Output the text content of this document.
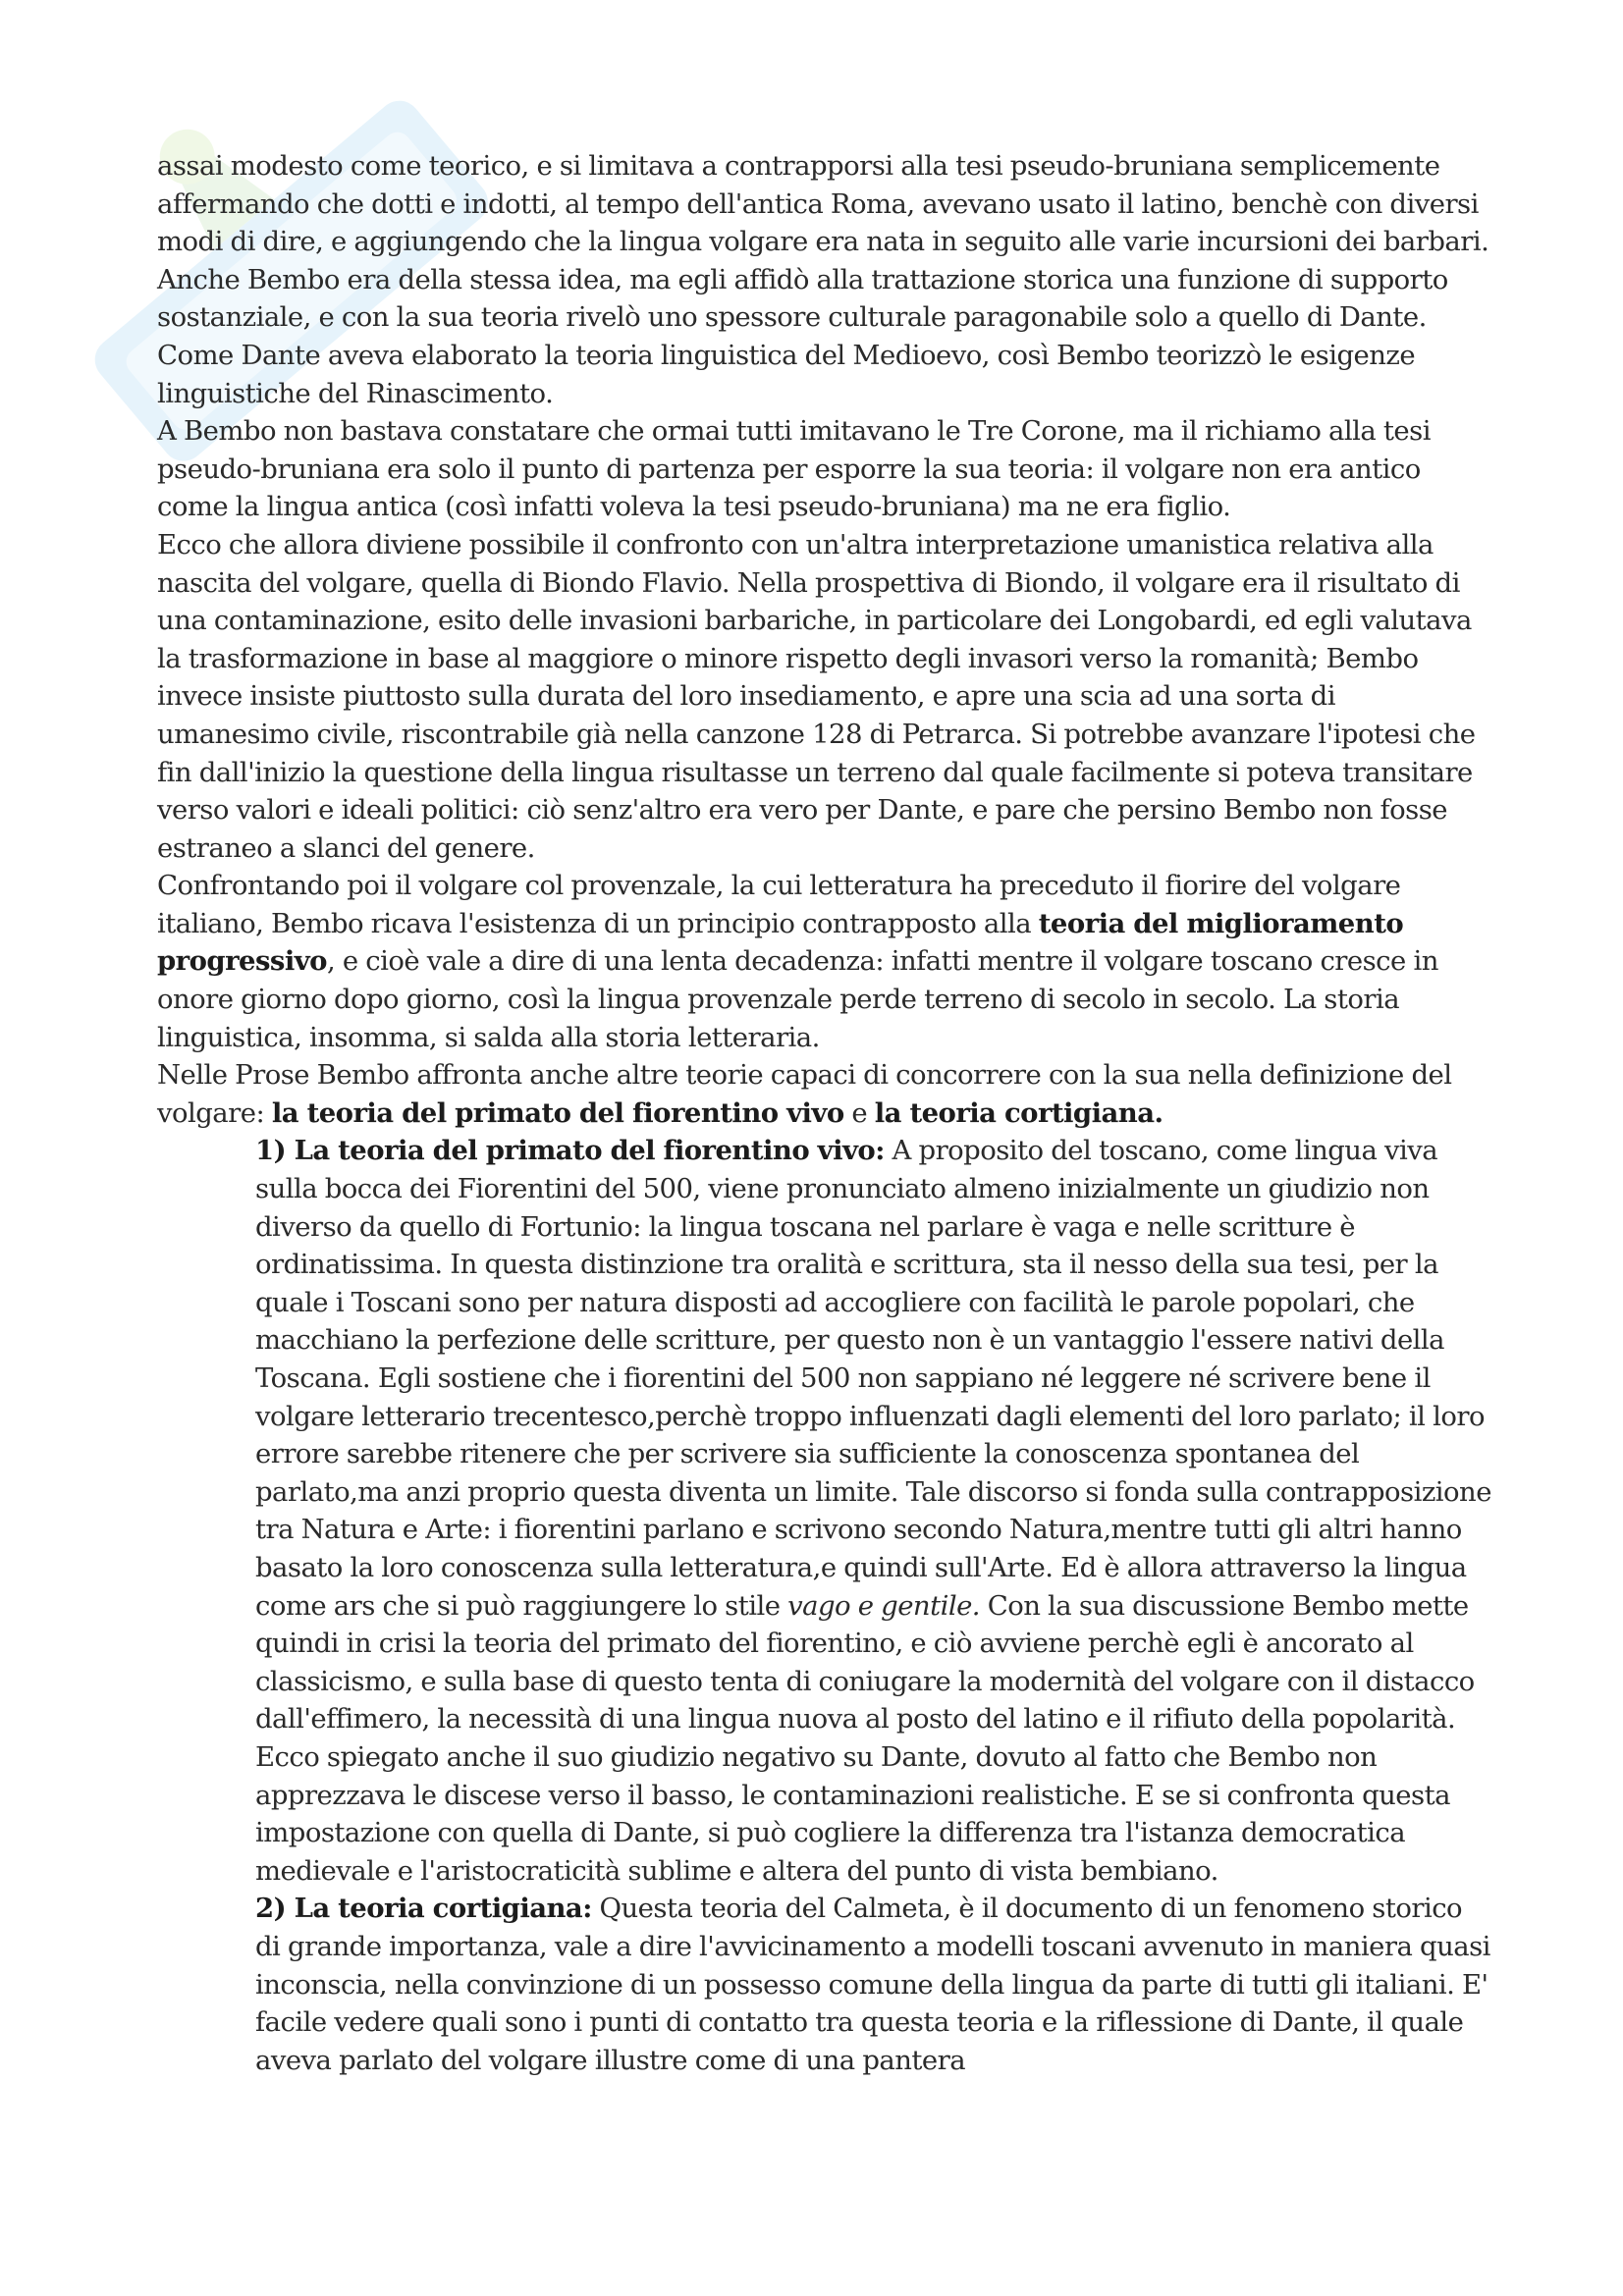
assai modesto come teorico, e si limitava a contrapporsi alla tesi pseudo-bruniana semplicemente affermando che dotti e indotti, al tempo dell'antica Roma, avevano usato il latino, benchè con diversi modi di dire, e aggiungendo che la lingua volgare era nata in seguito alle varie incursioni dei barbari. Anche Bembo era della stessa idea, ma egli affidò alla trattazione storica una funzione di supporto sostanziale, e con la sua teoria rivelò uno spessore culturale paragonabile solo a quello di Dante. Come Dante aveva elaborato la teoria linguistica del Medioevo, così Bembo teorizzò le esigenze linguistiche del Rinascimento.

A Bembo non bastava constatare che ormai tutti imitavano le Tre Corone, ma il richiamo alla tesi pseudo-bruniana era solo il punto di partenza per esporre la sua teoria: il volgare non era antico come la lingua antica (così infatti voleva la tesi pseudo-bruniana) ma ne era figlio.

Ecco che allora diviene possibile il confronto con un'altra interpretazione umanistica relativa alla nascita del volgare, quella di Biondo Flavio. Nella prospettiva di Biondo, il volgare era il risultato di una contaminazione, esito delle invasioni barbariche, in particolare dei Longobardi, ed egli valutava la trasformazione in base al maggiore o minore rispetto degli invasori verso la romanità; Bembo invece insiste piuttosto sulla durata del loro insediamento, e apre una scia ad una sorta di umanesimo civile, riscontrabile già nella canzone 128 di Petrarca. Si potrebbe avanzare l'ipotesi che fin dall'inizio la questione della lingua risultasse un terreno dal quale facilmente si poteva transitare verso valori e ideali politici: ciò senz'altro era vero per Dante, e pare che persino Bembo non fosse estraneo a slanci del genere.

Confrontando poi il volgare col provenzale, la cui letteratura ha preceduto il fiorire del volgare italiano, Bembo ricava l'esistenza di un principio contrapposto alla teoria del miglioramento progressivo, e cioè vale a dire di una lenta decadenza: infatti mentre il volgare toscano cresce in onore giorno dopo giorno, così la lingua provenzale perde terreno di secolo in secolo. La storia linguistica, insomma, si salda alla storia letteraria.

Nelle Prose Bembo affronta anche altre teorie capaci di concorrere con la sua nella definizione del volgare: la teoria del primato del fiorentino vivo e la teoria cortigiana.

1) La teoria del primato del fiorentino vivo: A proposito del toscano, come lingua viva sulla bocca dei Fiorentini del 500, viene pronunciato almeno inizialmente un giudizio non diverso da quello di Fortunio: la lingua toscana nel parlare è vaga e nelle scritture è ordinatissima. In questa distinzione tra oralità e scrittura, sta il nesso della sua tesi, per la quale i Toscani sono per natura disposti ad accogliere con facilità le parole popolari, che macchiano la perfezione delle scritture, per questo non è un vantaggio l'essere nativi della Toscana. Egli sostiene che i fiorentini del 500 non sappiano né leggere né scrivere bene il volgare letterario trecentesco,perchè troppo influenzati dagli elementi del loro parlato; il loro errore sarebbe ritenere che per scrivere sia sufficiente la conoscenza spontanea del parlato,ma anzi proprio questa diventa un limite. Tale discorso si fonda sulla contrapposizione tra Natura e Arte: i fiorentini parlano e scrivono secondo Natura,mentre tutti gli altri hanno basato la loro conoscenza sulla letteratura,e quindi sull'Arte. Ed è allora attraverso la lingua come ars che si può raggiungere lo stile vago e gentile. Con la sua discussione Bembo mette quindi in crisi la teoria del primato del fiorentino, e ciò avviene perchè egli è ancorato al classicismo, e sulla base di questo tenta di coniugare la modernità del volgare con il distacco dall'effimero, la necessità di una lingua nuova al posto del latino e il rifiuto della popolarità. Ecco spiegato anche il suo giudizio negativo su Dante, dovuto al fatto che Bembo non apprezzava le discese verso il basso, le contaminazioni realistiche. E se si confronta questa impostazione con quella di Dante, si può cogliere la differenza tra l'istanza democratica medievale e l'aristocraticità sublime e altera del punto di vista bembiano.

2) La teoria cortigiana: Questa teoria del Calmeta, è il documento di un fenomeno storico di grande importanza, vale a dire l'avvicinamento a modelli toscani avvenuto in maniera quasi inconscia, nella convinzione di un possesso comune della lingua da parte di tutti gli italiani. E' facile vedere quali sono i punti di contatto tra questa teoria e la riflessione di Dante, il quale aveva parlato del volgare illustre come di una pantera
